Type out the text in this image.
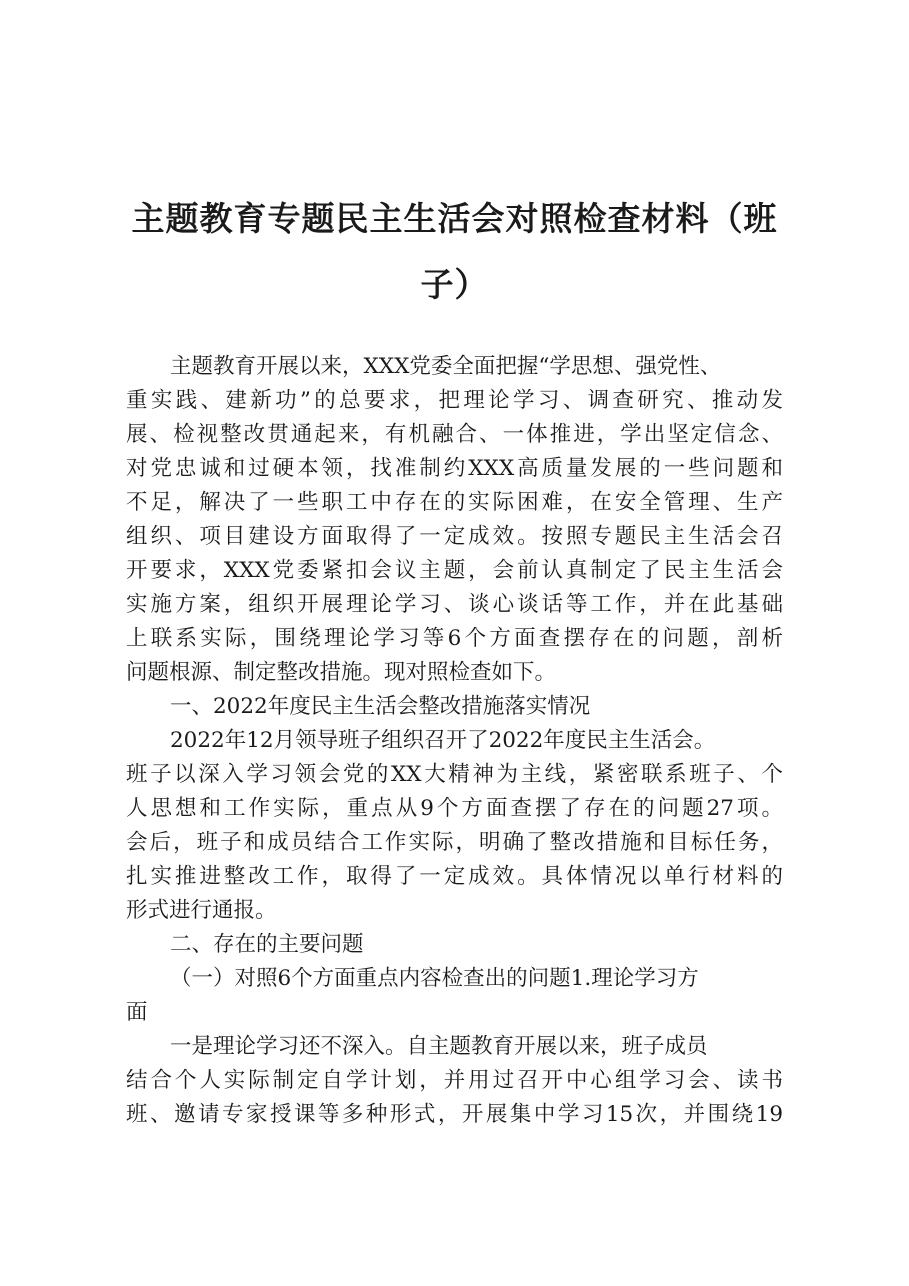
主题教育专题民主生活会对照检查材料（班
子）
主题教育开展以来，XXX党委全面把握“学思想、强党性、
重实践、建新功”的总要求，把理论学习、调查研究、推动发
展、检视整改贯通起来，有机融合、一体推进，学出坚定信念、
对党忠诚和过硬本领，找准制约XXX高质量发展的一些问题和
不足，解决了一些职工中存在的实际困难，在安全管理、生产
组织、项目建设方面取得了一定成效。按照专题民主生活会召
开要求，XXX党委紧扣会议主题，会前认真制定了民主生活会
实施方案，组织开展理论学习、谈心谈话等工作，并在此基础
上联系实际，围绕理论学习等6个方面查摆存在的问题，剖析
问题根源、制定整改措施。现对照检查如下。
一、2022年度民主生活会整改措施落实情况
2022年12月领导班子组织召开了2022年度民主生活会。
班子以深入学习领会党的XX大精神为主线，紧密联系班子、个
人思想和工作实际，重点从9个方面查摆了存在的问题27项。
会后，班子和成员结合工作实际，明确了整改措施和目标任务，
扎实推进整改工作，取得了一定成效。具体情况以单行材料的
形式进行通报。
二、存在的主要问题
（一）对照6个方面重点内容检查出的问题1.理论学习方
面
一是理论学习还不深入。自主题教育开展以来，班子成员
结合个人实际制定自学计划，并用过召开中心组学习会、读书
班、邀请专家授课等多种形式，开展集中学习15次，并围绕19
